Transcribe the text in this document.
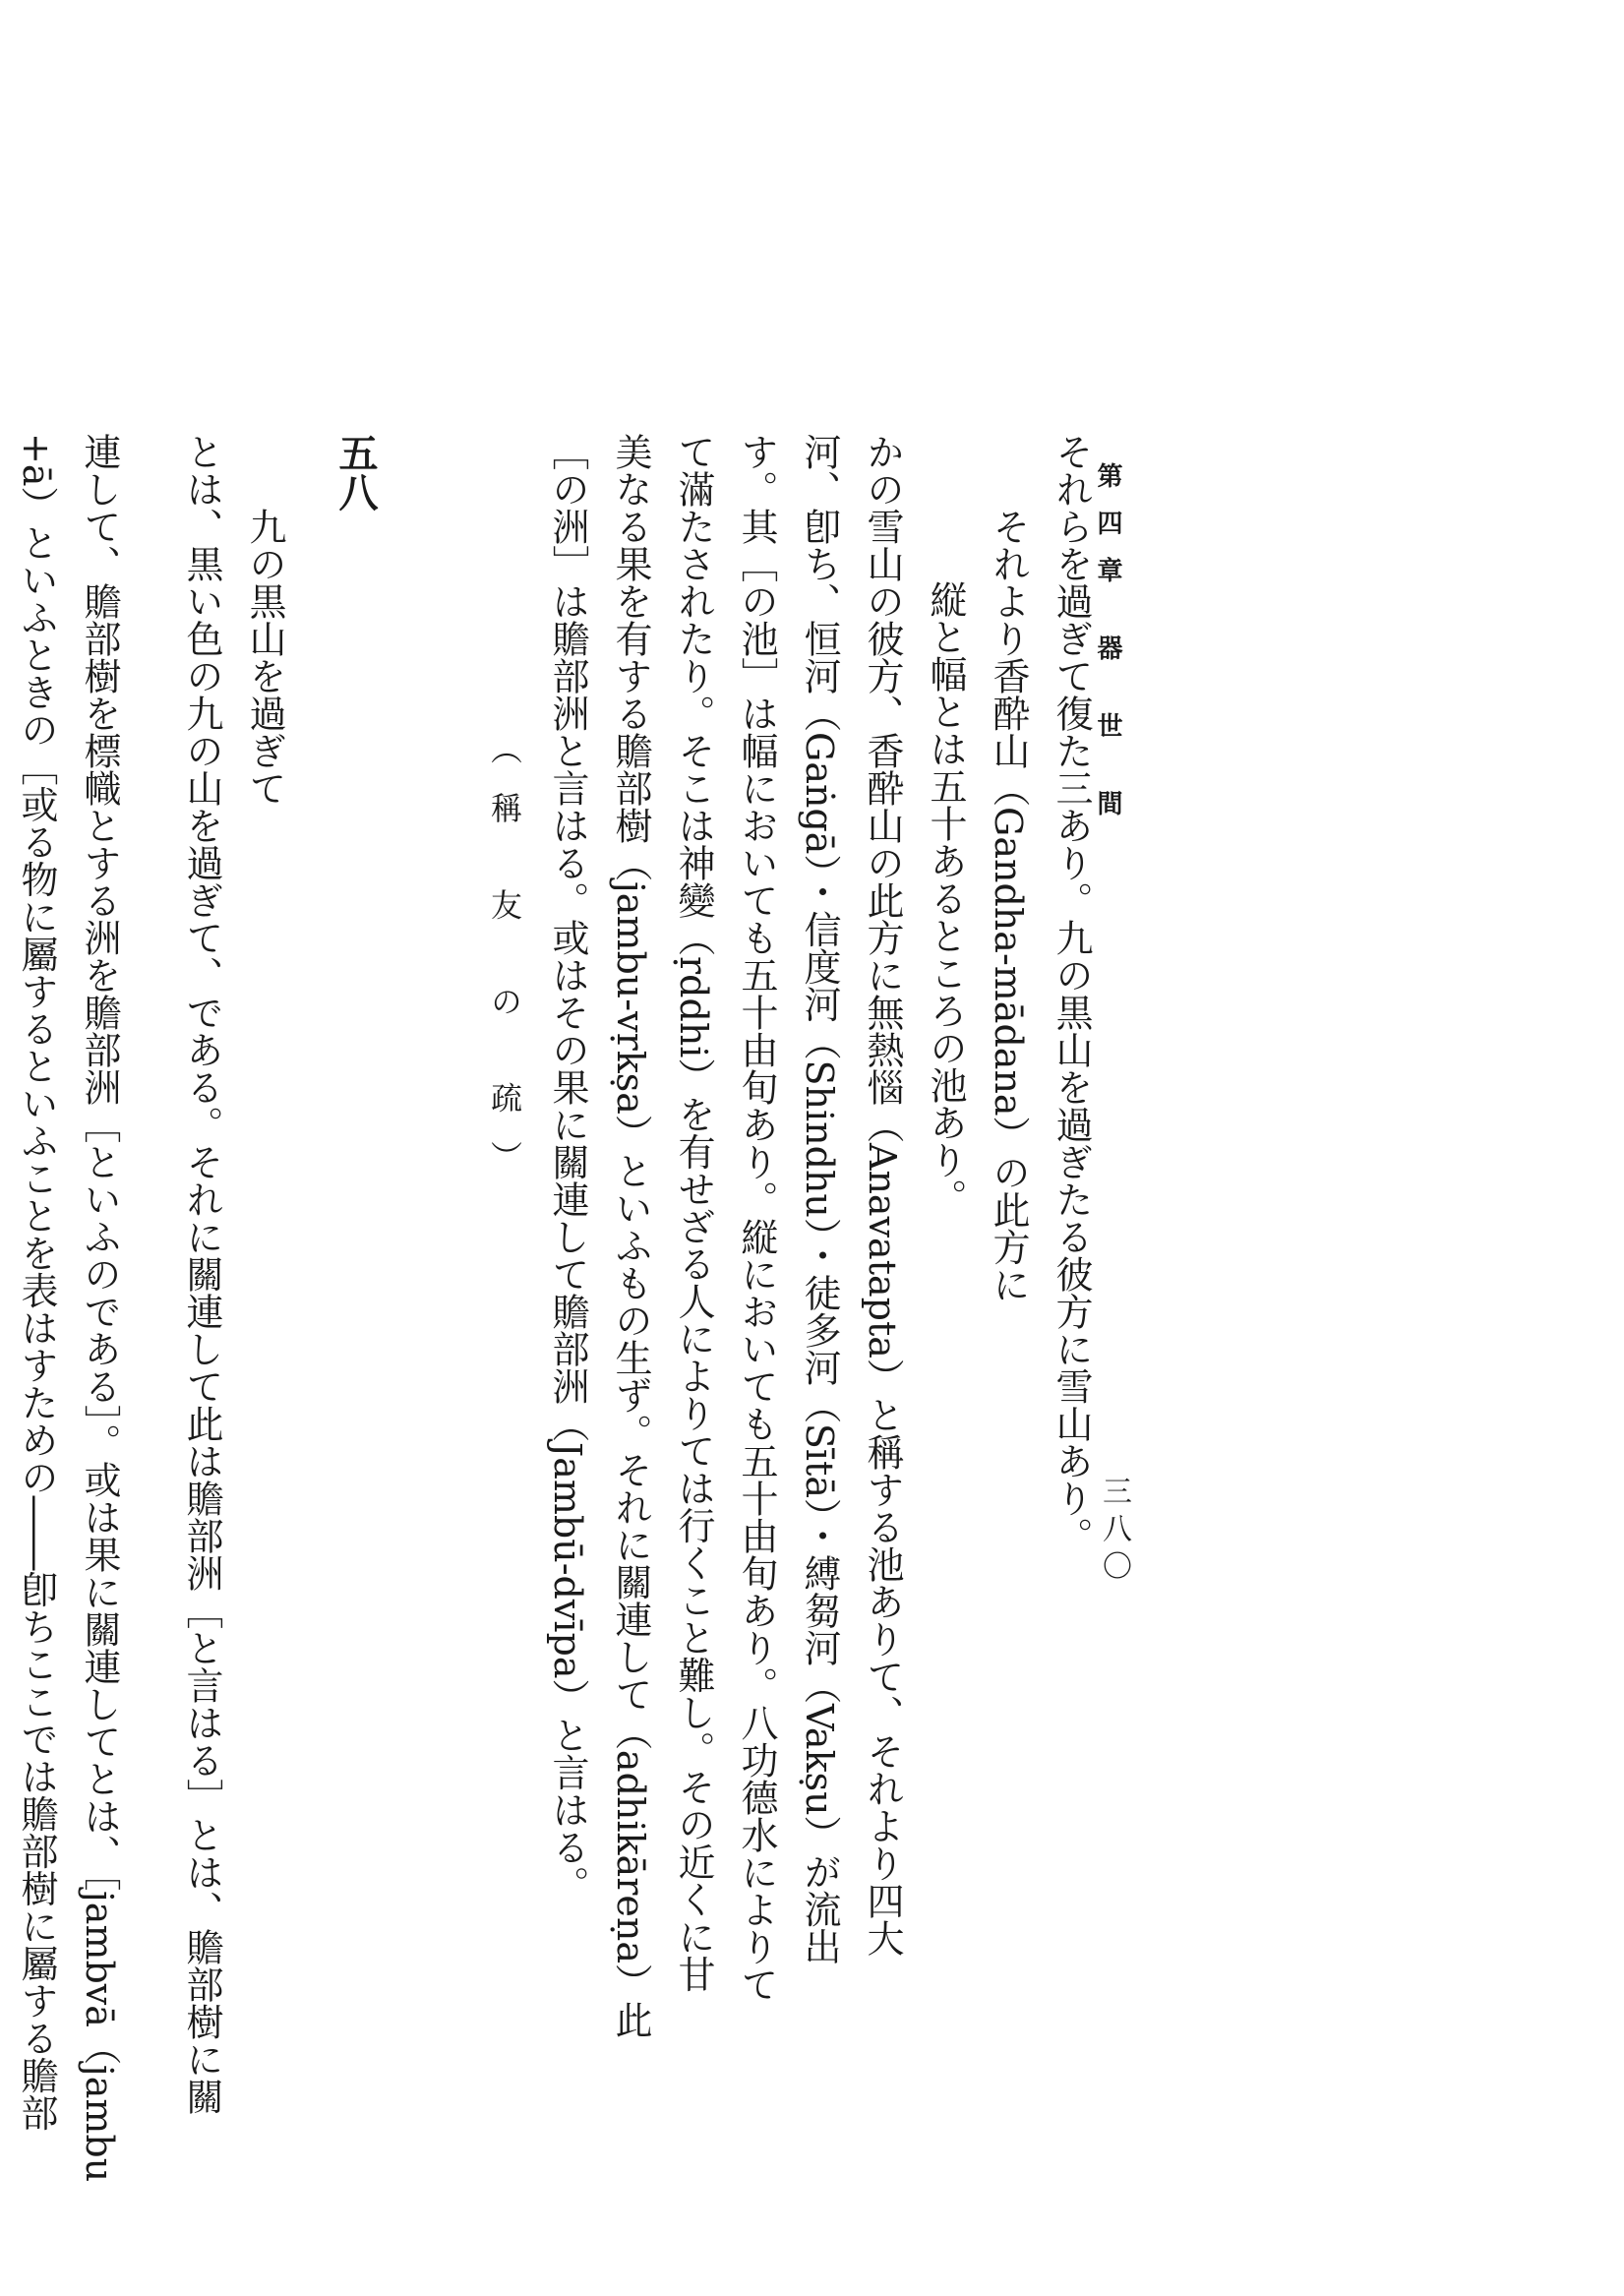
第四章 器 世 間
三八〇
それらを過ぎて復た三あり。九の黒山を過ぎたる彼方に雪山あり。
それより香酔山（Gandha-mādana）の此方に
縦と幅とは五十あるところの池あり。
かの雪山の彼方、香酔山の此方に無熱惱（Anavatapta）と稱する池ありて、それより四大
河、卽ち、恒河（Gaṅgā）・信度河（Shindhu）・徒多河（Sītā）・縛芻河（Vakṣu）が流出
す。其［の池］は幅においても五十由旬あり。縦においても五十由旬あり。八功德水によりて
て滿たされたり。そこは神變（ṛddhi）を有せざる人によりては行くこと難し。その近くに甘
美なる果を有する贍部樹（jambu-vṛkṣa）といふもの生ず。それに關連して（adhikāreṇa）此
［の洲］は贍部洲と言はる。或はその果に關連して贍部洲（Jambū-dvīpa）と言はる。
（稱 友 の 疏）
五八
九の黒山を過ぎて
とは、黒い色の九の山を過ぎて、である。それに關連して此は贍部洲［と言はる］とは、贍部樹に關
連して、贍部樹を標幟とする洲を贍部洲［といふのである］。或は果に關連してとは、［jambvā（jambu
+ā）といふときの［或る物に屬するといふことを表はすための――卽ちここでは贍部樹に屬する贍部
